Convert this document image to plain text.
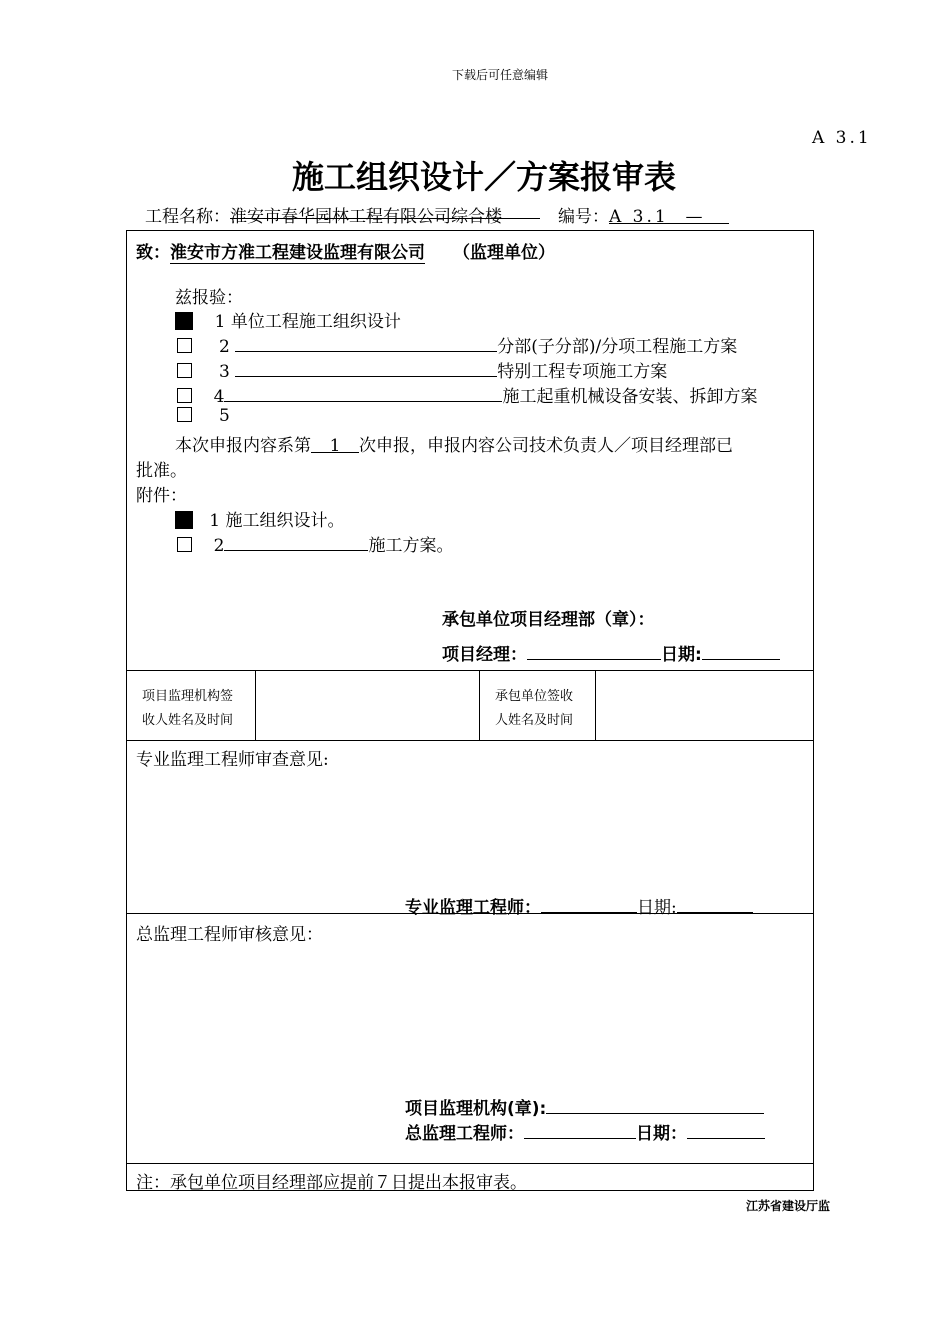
下载后可任意编辑
A 3.1
施工组织设计／方案报审表
工程名称：淮安市春华园林工程有限公司综合楼	编号：A 3.1 —
致：淮安市方准工程建设监理有限公司 （监理单位）
兹报验：
1 单位工程施工组织设计
2	分部(子分部)/分项工程施工方案
3	特别工程专项施工方案
4	施工起重机械设备安装、拆卸方案
5
本次申报内容系第 1 次申报，申报内容公司技术负责人／项目经理部已
批准。
附件：
1 施工组织设计。
2	施工方案。
承包单位项目经理部（章）：
项目经理：	日期:
项目监理机构签
收人姓名及时间
承包单位签收
人姓名及时间
专业监理工程师审查意见:
专业监理工程师：	日期:
总监理工程师审核意见：
项目监理机构(章):
总监理工程师：	日期：
注：承包单位项目经理部应提前７日提出本报审表。
江苏省建设厅监
